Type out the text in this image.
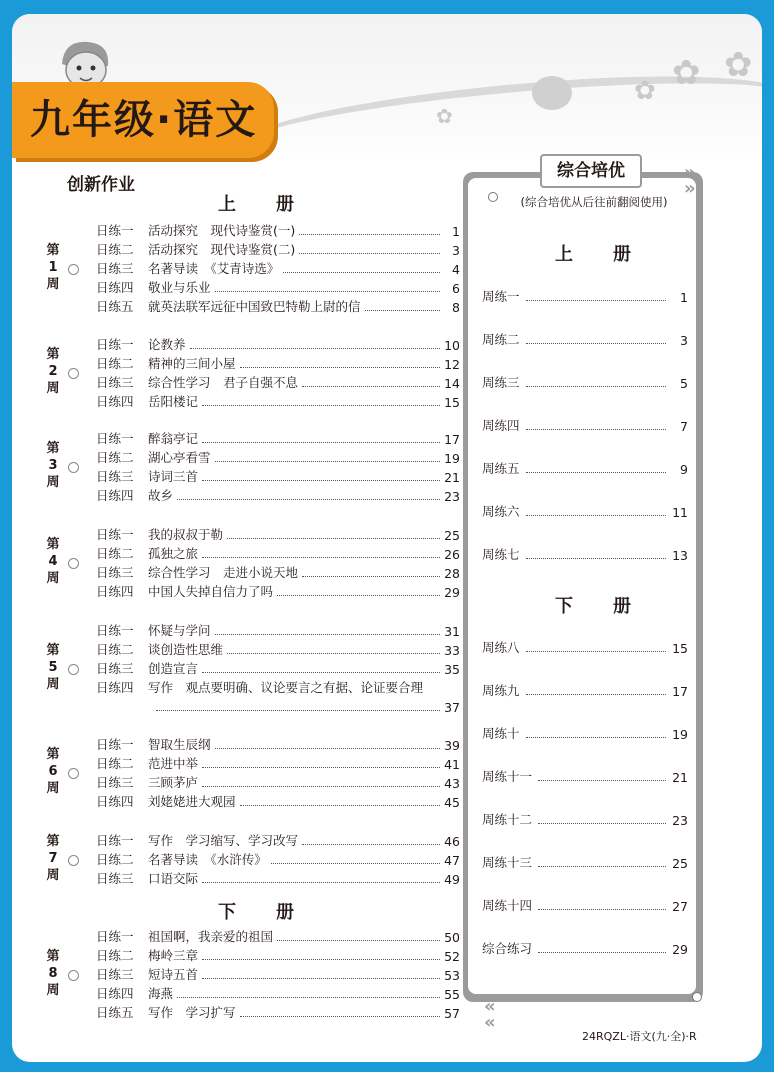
✿ ✿
✿
✿
九年级·语文
创新作业
上册
下册
第1周
日练一	活动探究　现代诗鉴赏(一)	1
日练二	活动探究　现代诗鉴赏(二)	3
日练三	名著导读　《艾青诗选》	4
日练四	敬业与乐业	6
日练五	就英法联军远征中国致巴特勒上尉的信	8
第2周
日练一	论教养	10
日练二	精神的三间小屋	12
日练三	综合性学习　君子自强不息	14
日练四	岳阳楼记	15
第3周
日练一	醉翁亭记	17
日练二	湖心亭看雪	19
日练三	诗词三首	21
日练四	故乡	23
第4周
日练一	我的叔叔于勒	25
日练二	孤独之旅	26
日练三	综合性学习　走进小说天地	28
日练四	中国人失掉自信力了吗	29
第5周
日练一	怀疑与学问	31
日练二	谈创造性思维	33
日练三	创造宣言	35
日练四	写作　观点要明确、议论要言之有据、论证要合理
37
第6周
日练一	智取生辰纲	39
日练二	范进中举	41
日练三	三顾茅庐	43
日练四	刘姥姥进大观园	45
第7周
日练一	写作　学习缩写、学习改写	46
日练二	名著导读　《水浒传》	47
日练三	口语交际	49
第8周
日练一	祖国啊，我亲爱的祖国	50
日练二	梅岭三章	52
日练三	短诗五首	53
日练四	海燕	55
日练五	写作　学习扩写	57
»
»
«
«
综合培优
(综合培优从后往前翻阅使用)
上册
下册
周练一	1
周练二	3
周练三	5
周练四	7
周练五	9
周练六	11
周练七	13
周练八	15
周练九	17
周练十	19
周练十一	21
周练十二	23
周练十三	25
周练十四	27
综合练习	29
24RQZL·语文(九·全)·R
